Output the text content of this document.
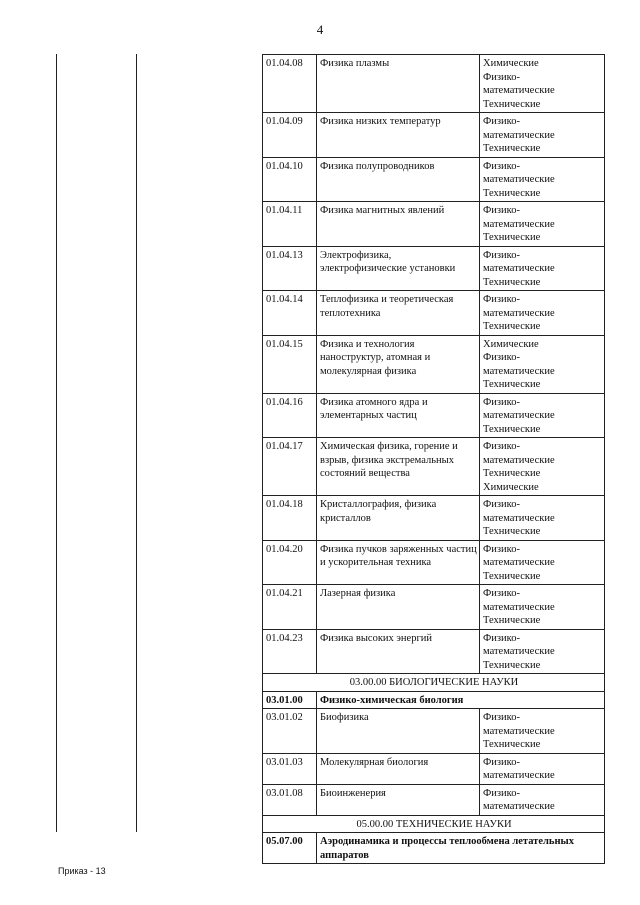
4
01.04.08	Физика плазмы	Химические
Физико-
математические
Технические

01.04.09	Физика низких температур	Физико-
математические
Технические

01.04.10	Физика полупроводников	Физико-
математические
Технические

01.04.11	Физика магнитных явлений	Физико-
математические
Технические

01.04.13	Электрофизика, электрофизические установки	Физико-
математические
Технические

01.04.14	Теплофизика и теоретическая теплотехника	Физико-
математические
Технические

01.04.15	Физика и технология наноструктур, атомная и молекулярная физика	Химические
Физико-
математические
Технические

01.04.16	Физика атомного ядра и элементарных частиц	Физико-
математические
Технические

01.04.17	Химическая физика, горение и взрыв, физика экстремальных состояний вещества	Физико-
математические
Технические
Химические

01.04.18	Кристаллография, физика кристаллов	Физико-
математические
Технические

01.04.20	Физика пучков заряженных частиц и ускорительная техника	Физико-
математические
Технические

01.04.21	Лазерная физика	Физико-
математические
Технические

01.04.23	Физика высоких энергий	Физико-
математические
Технические

03.00.00 БИОЛОГИЧЕСКИЕ НАУКИ		
03.01.00	Физико-химическая биология	
03.01.02	Биофизика	Физико-
математические
Технические

03.01.03	Молекулярная биология	Физико-
математические

03.01.08	Биоинженерия	Физико-
математические

05.00.00 ТЕХНИЧЕСКИЕ НАУКИ		
05.07.00	Аэродинамика и процессы теплообмена летательных аппаратов	
Приказ - 13
